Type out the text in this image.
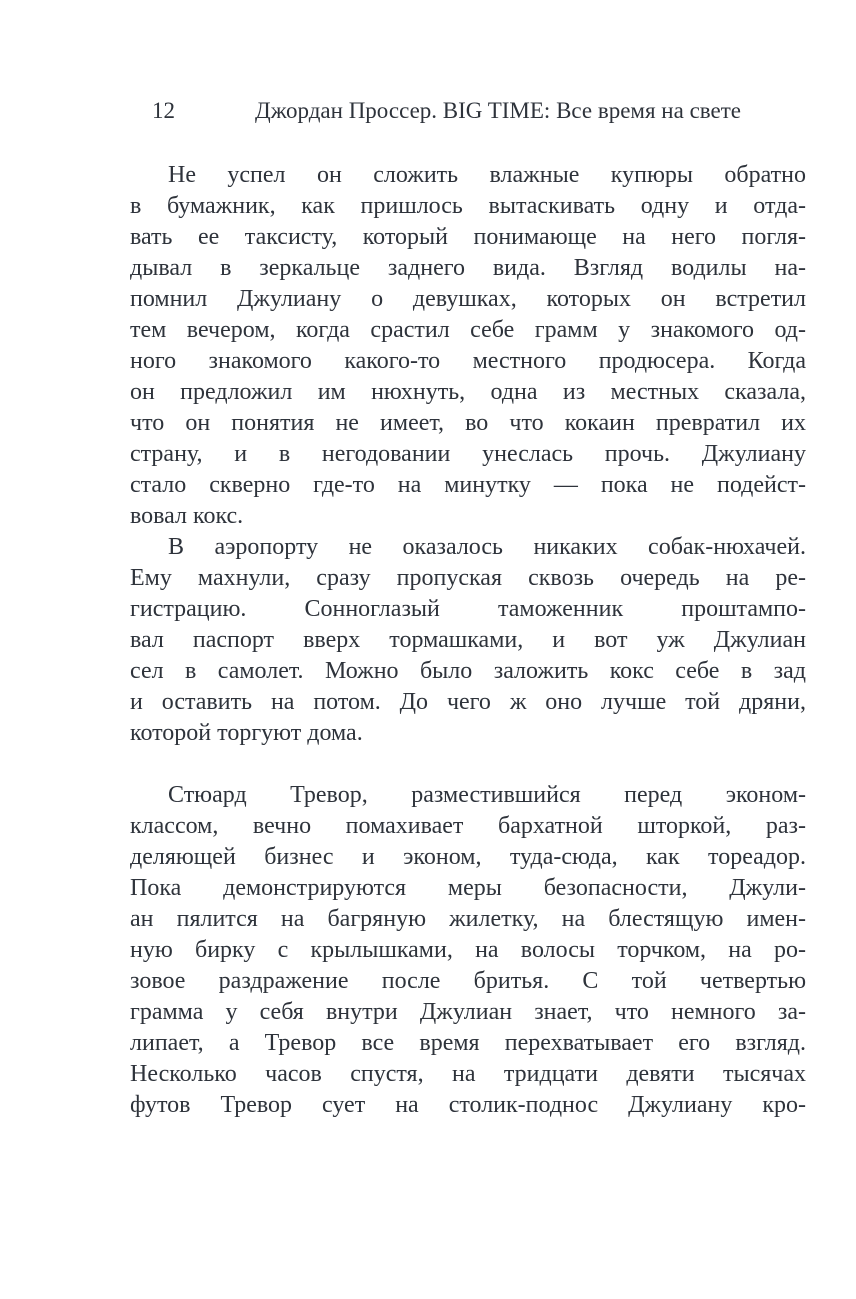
12	Джордан Проссер. BIG TIME: Все время на свете
Не успел он сложить влажные купюры обратно
в бумажник, как пришлось вытаскивать одну и отда-
вать ее таксисту, который понимающе на него погля-
дывал в зеркальце заднего вида. Взгляд водилы на-
помнил Джулиану о девушках, которых он встретил
тем вечером, когда срастил себе грамм у знакомого од-
ного знакомого какого-то местного продюсера. Когда
он предложил им нюхнуть, одна из местных сказала,
что он понятия не имеет, во что кокаин превратил их
страну, и в негодовании унеслась прочь. Джулиану
стало скверно где-то на минутку — пока не подейст-
вовал кокс.
В аэропорту не оказалось никаких собак-нюхачей.
Ему махнули, сразу пропуская сквозь очередь на ре-
гистрацию. Сонноглазый таможенник проштампо-
вал паспорт вверх тормашками, и вот уж Джулиан
сел в самолет. Можно было заложить кокс себе в зад
и оставить на потом. До чего ж оно лучше той дряни,
которой торгуют дома.
Стюард Тревор, разместившийся перед эконом-
классом, вечно помахивает бархатной шторкой, раз-
деляющей бизнес и эконом, туда-сюда, как тореадор.
Пока демонстрируются меры безопасности, Джули-
ан пялится на багряную жилетку, на блестящую имен-
ную бирку с крылышками, на волосы торчком, на ро-
зовое раздражение после бритья. С той четвертью
грамма у себя внутри Джулиан знает, что немного за-
липает, а Тревор все время перехватывает его взгляд.
Несколько часов спустя, на тридцати девяти тысячах
футов Тревор сует на столик-поднос Джулиану кро-
